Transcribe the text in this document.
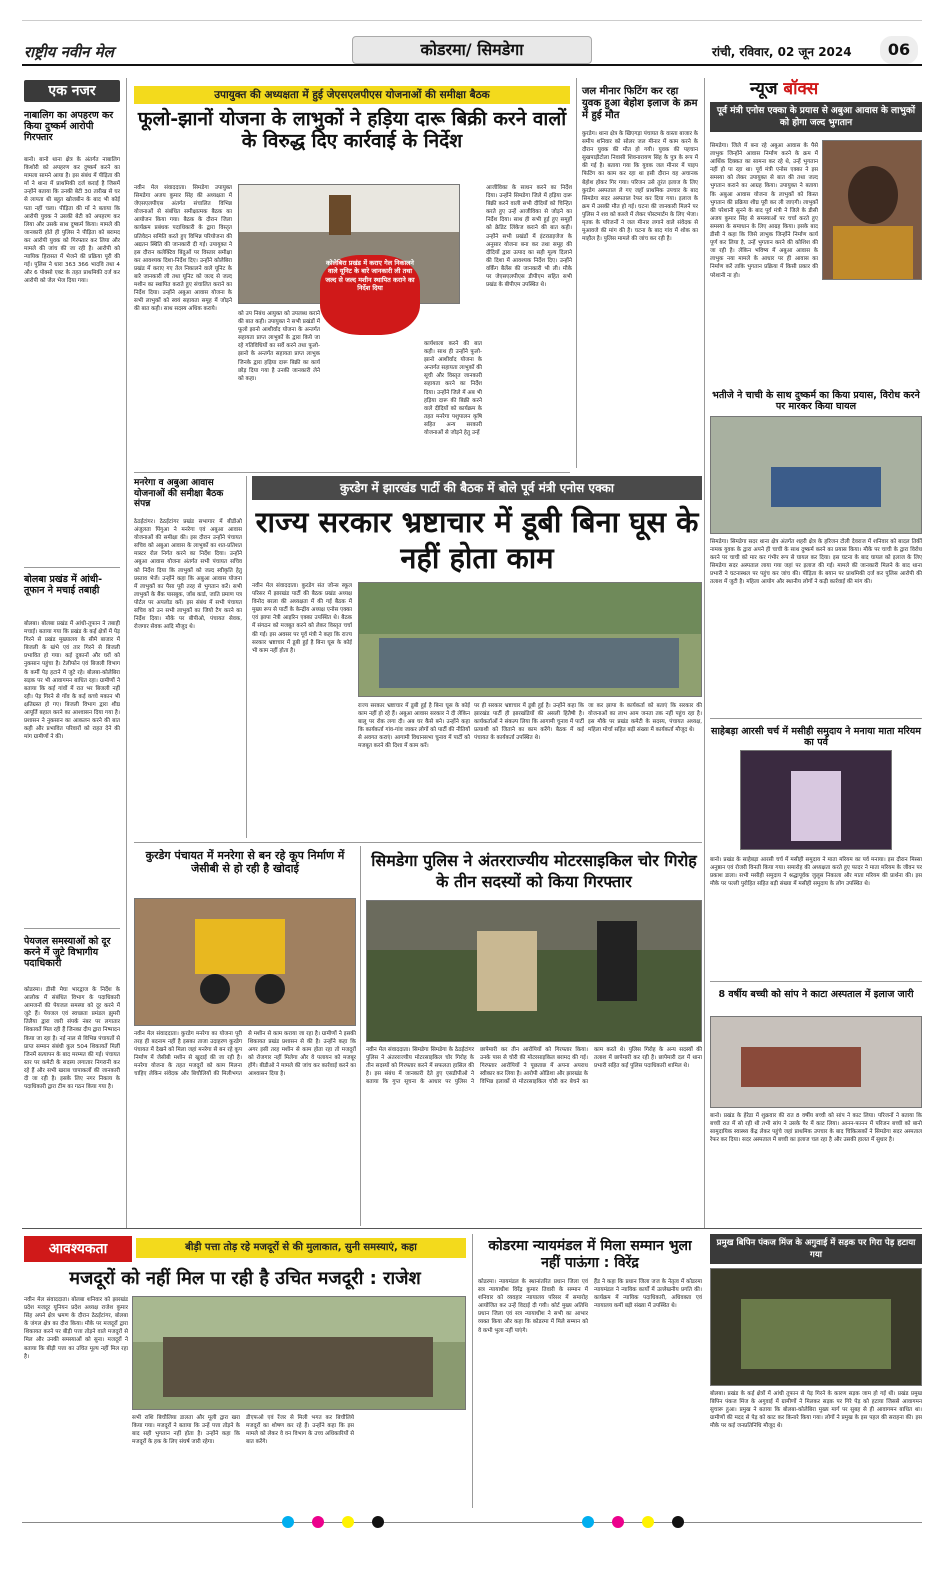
राष्ट्रीय नवीन मेल	कोडरमा/ सिमडेगा	रांची, रविवार, 02 जून 2024	06
एक नजर
नाबालिग का अपहरण कर किया दुष्कर्म आरोपी गिरफ्तार
बानो। बानो थाना क्षेत्र के अंतर्गत नाबालिग किशोरी को अपहरण कर दुष्कर्म करने का मामला सामने आया है। इस संबंध में पीड़िता की माँ ने थाना में प्राथमिकी दर्ज कराई है जिसमें उन्होंने बताया कि उनकी बेटी 30 तारीख से घर से लापता थी बहुत खोजबीन के बाद भी कोई पता नहीं चला। पीड़िता की माँ ने बताया कि आरोपी युवक ने उसकी बेटी को अपहरण कर लिया और उसके साथ दुष्कर्म किया। मामले की जानकारी होते ही पुलिस ने पीड़िता को बरामद कर आरोपी युवक को गिरफ्तार कर लिया और मामले की जांच की जा रही है। आरोपी को न्यायिक हिरासत में भेजने की प्रक्रिया पूरी की गई। पुलिस ने धारा 363 366 भादवि तथा 4 और 6 पोक्सो एक्ट के तहत प्राथमिकी दर्ज कर आरोपी को जेल भेज दिया गया।
बोलबा प्रखंड में आंधी-तूफान ने मचाई तबाही
बोलबा। बोलबा प्रखंड में आंधी-तूफान ने तबाही मचाई। बताया गया कि प्रखंड के कई क्षेत्रों में पेड़ गिरने से प्रखंड मुख्यालय के सीमे बाजार में बिजली के खंभे एवं तार गिरने से बिजली प्रभावित हो गया। कई दुकानों और घरों को नुकसान पहुंचा है। टेलीफोन एवं बिजली विभाग के कर्मी पेड़ हटाने में जुटे रहे। बोलबा-कोलेबिरा सड़क पर भी आवागमन बाधित रहा। ग्रामीणों ने बताया कि कई गांवों में रात भर बिजली नहीं रही। पेड़ गिरने से गाँव के कई कच्चे मकान भी क्षतिग्रस्त हो गए। बिजली विभाग द्वारा शीघ्र आपूर्ति बहाल करने का आश्वासन दिया गया है। प्रशासन ने नुकसान का आकलन करने की बात कही और प्रभावित परिवारों को राहत देने की मांग ग्रामीणों ने की।
पेयजल समस्याओं को दूर करने में जुटे विभागीय पदाधिकारी
कोडरमा। डीसी मेघा भारद्वाज के निर्देश के आलोक में संबंधित विभाग के पदाधिकारी आमजनों की पेयजल समस्या को दूर करने में जुटे हैं। पेयजल एवं स्वच्छता प्रमंडल झुमरी तिलैया द्वारा जारी संपर्क नंबर पर लगातार शिकायतें मिल रही हैं जिनका दीप द्वारा निष्पादन किया जा रहा है। नई नाल से विभिन्न पंचायतों से प्राप्त सम्मान संबंधी कुल 504 शिकायतें मिलीं जिनमें सत्यापन के बाद मरम्मत की गई। पंचायत स्तर पर कमेटी के सदस्य लगातार निगरानी कर रहे हैं और सभी खराब चापाकलों की जानकारी दी जा रही है। इसके लिए नगर निकाय के पदाधिकारी द्वारा टीम का गठन किया गया है।
उपायुक्त की अध्यक्षता में हुई जेएसएलपीएस योजनाओं की समीक्षा बैठक
फूलो-झानों योजना के लाभुकों ने हड़िया दारू बिक्री करने वालों के विरुद्ध दिए कार्रवाई के निर्देश
नवीन मेल संवाददाता। सिमडेगा उपायुक्त सिमडेगा अजय कुमार सिंह की अध्यक्षता में जेएसएलपीएस अंतर्गत संचालित विभिन्न योजनाओं से संबंधित समीक्षात्मक बैठक का आयोजन किया गया। बैठक के दौरान जिला कार्यक्रम प्रबंधक पदाधिकारी के द्वारा विस्तृत प्रतिवेदन समिति करते हुए विभिन्न परियोजना की अद्यतन स्थिति की जानकारी दी गई। उपायुक्त ने इस दौरान कलेक्टिव बिंदुओं पर विस्तार समीक्षा कर आवश्यक दिशा-निर्देश दिए। उन्होंने कोलेबिरा प्रखंड में कराए गए तेल निकालने वाले यूनिट के बारे जानकारी ली तथा यूनिट को जल्द से जल्द मशीन का स्थापित कराते हुए संचालित कराने का निर्देश दिया। उन्होंने अबुआ आवास योजना के सभी लाभुकों को स्वयं सहायता समूह में जोड़ने की बात कही। साथ सदस्य अधिक कराये।
कोलेबिरा प्रखंड में कराए गेल निकालने वाले यूनिट के बारे जानकारी ली तथा जल्द से जल्द मशीन स्थापित कराने का निर्देश दिया
को उप निबंध आयुक्त को उपलब्ध कराने की बात कही। उपायुक्त ने सभी प्रखंडों में फूलो झानो आशीर्वाद योजना के अन्तर्गत सहायता प्राप्त लाभुकों के द्वारा किये जा रहे गतिविधियों का सर्वे करने तथा फूलो-झानो के अन्तर्गत सहायता प्राप्त लाभुक जिनके द्वारा हड़िया दारू बिक्री का कार्य छोड़ दिया गया है उनकी जानकारी लेने को कहा।
कार्यशाला करने की बात कही। साथ ही उन्होंने फूलो-झानो आशीर्वाद योजना के अन्तर्गत सहायता लाभुकों की सूची और विस्तृत जानकारी सहायता करने का निर्देश दिया। उन्होंने जिले में अब भी हड़िया दारू की बिक्री करने वाले दीदियों को कार्यक्रम के तहत मनरेगा पशुपालन कृषि सहित अन्य सरकारी योजनाओं से जोड़ने हेतु उन्हें
आजीविका के साधन करने का निर्देश दिया। उन्होंने सिमडेगा जिले में हड़िया दारू बिक्री करने वाली सभी दीदियों को चिन्हित करते हुए उन्हें आजीविका से जोड़ने का निर्देश दिया। साथ ही सभी हुई हुए समूहों को क्रेडिट लिंकेज कराने की बात कही। उन्होंने सभी प्रखंडों में इंटरप्राइजेज के अनुसार योजना बना कर तथा समूह की दीदियों द्वारा उत्पाद का सही मूल्य दिलाने की दिशा में आवश्यक निर्देश दिए। उन्होंने वर्किंग बैलेंस की जानकारी भी ली। मौके पर जेएसएलपीएस डीपीएम सहित सभी प्रखंड के बीपीएम उपस्थित थे।
जल मीनार फिटिंग कर रहा युवक हुआ बेहोश इलाज के क्रम में हुई मौत
कुरडेग। थाना क्षेत्र के खिएगड़ा पंचायत के वास्ता बाजार के समीप शनिवार को सोलर जल मीनार में काम करने के दौरान युवक की मौत हो गयी। युवक की पहचान सुखपाड़ीटोला निवासी शिवनारायण सिंह के पुत्र के रूप में की गई है। बताया गया कि युवक जल मीनार में पाइप फिटिंग का काम कर रहा था इसी दौरान वह अचानक बेहोश होकर गिर गया। परिजन उसे तुरंत इलाज के लिए कुरडेग अस्पताल ले गए जहाँ प्राथमिक उपचार के बाद सिमडेगा सदर अस्पताल रेफर कर दिया गया। इलाज के क्रम में उसकी मौत हो गई। घटना की जानकारी मिलने पर पुलिस ने शव को कब्जे में लेकर पोस्टमार्टम के लिए भेजा। मृतक के परिजनों ने जल मीनार लगाने वाले संवेदक से मुआवजे की मांग की है। घटना के बाद गांव में शोक का माहौल है। पुलिस मामले की जांच कर रही है।
न्यूज बॉक्स
पूर्व मंत्री एनोस एक्का के प्रयास से अबुआ आवास के लाभुकों को होगा जल्द भुगतान
सिमडेगा। जिले में बना रहे अबुआ आवास के पैसे लाभुक जिन्होंने आवास निर्माण करने के क्रम में आर्थिक दिक्कत का सामना कर रहे थे, उन्हें भुगतान नहीं हो पा रहा था। पूर्व मंत्री एनोस एक्का ने इस समस्या को लेकर उपायुक्त से बात की तथा जल्द भुगतान कराने का आग्रह किया। उपायुक्त ने बताया कि अबुआ आवास योजना के लाभुकों को किस्त भुगतान की प्रक्रिया शीघ्र पूरी कर ली जाएगी। लाभुकों की परेशानी सुनने के बाद पूर्व मंत्री ने जिले के डीसी अजय कुमार सिंह से समस्याओं पर चर्चा करते हुए समस्या के समाधान के लिए आग्रह किया। इसके बाद डीसी ने कहा कि जिसे लाभुक जिन्होंने निर्माण कार्य पूर्ण कर लिया है, उन्हें भुगतान करने की कोशिश की जा रही है। लेकिन भविष्य में अबुआ आवास के लाभुक नया मामले के आधार पर ही आवास का निर्माण करें ताकि भुगतान प्रक्रिया में किसी प्रकार की परेशानी ना हो।
भतीजे ने चाची के साथ दुष्कर्म का किया प्रयास, विरोध करने पर मारकर किया घायल
सिमडेगा। सिमडेगा सदर थाना क्षेत्र अंतर्गत शहरी क्षेत्र के हरिजन टोली देवराज में शनिवार को बादल तिर्की नामक युवक के द्वारा अपने ही चाची के साथ दुष्कर्म करने का प्रयास किया। मौके पर चाची के द्वारा विरोध करने पर चाची को मार कर गंभीर रूप से घायल कर दिया। इस घटना के बाद घायल को इलाज के लिए सिमडेगा सदर अस्पताल लाया गया जहां पर इलाज की गई। मामले की जानकारी मिलने के बाद थाना प्रभारी ने घटनास्थल पर पहुंच कर जांच की। पीड़िता के बयान पर प्राथमिकी दर्ज कर पुलिस आरोपी की तलाश में जुटी है। महिला आयोग और स्थानीय लोगों ने कड़ी कार्रवाई की मांग की।
साहेबड़ा आरसी चर्च में मसीही समुदाय ने मनाया माता मरियम का पर्व
बानो। प्रखंड के साहेबड़ा आरसी चर्च में मसीही समुदाय ने माता मरियम का पर्व मनाया। इस दौरान मिस्सा अनुष्ठान एवं रोजरी विनती किया गया। समारोह की अध्यक्षता करते हुए फादर ने माता मरियम के जीवन पर प्रकाश डाला। सभी मसीही समुदाय ने श्रद्धापूर्वक जुलूस निकाला और माता मरियम की प्रार्थना की। इस मौके पर पल्ली पुरोहित सहित बड़ी संख्या में मसीही समुदाय के लोग उपस्थित थे।
8 वर्षीय बच्ची को सांप ने काटा अस्पताल में इलाज जारी
बानो। प्रखंड के हेरेडा में शुक्रवार की रात 8 वर्षीय बच्ची को सांप ने काट लिया। परिजनों ने बताया कि बच्ची रात में सो रही थी तभी सांप ने उसके पैर में काट लिया। आनन-फानन में परिजन बच्ची को बानो सामुदायिक स्वास्थ्य केंद्र लेकर पहुंचे जहां प्राथमिक उपचार के बाद चिकित्सकों ने सिमडेगा सदर अस्पताल रेफर कर दिया। सदर अस्पताल में बच्ची का इलाज चल रहा है और उसकी हालत में सुधार है।
मनरेगा व अबुआ आवास योजनाओं की समीक्षा बैठक संपन्न
ठेठईटांगर। ठेठईटांगर प्रखंड सभागार में बीडीओ अंजुलता पिंगुआ ने मनरेगा एवं अबुआ आवास योजनाओं की समीक्षा की। इस दौरान उन्होंने पंचायत सचिव को अबुआ आवास के लाभुकों का शत-प्रतिशत मास्टर रोल निर्गत करने का निर्देश दिया। उन्होंने अबुआ आवास योजना अंतर्गत सभी पंचायत सचिव को निर्देश दिया कि लाभुकों को जल्द स्वीकृति हेतु प्रस्ताव भेजें। उन्होंने कहा कि अबुआ आवास योजना में लाभुकों का पैसा पूरी तरह से भुगतान करें। सभी लाभुकों के बैंक पासबुक, जॉब कार्ड, जाति प्रमाण पत्र पोर्टल पर अपलोड करें। इस संबंध में सभी पंचायत सचिव को उन सभी लाभुकों का जियो टैग करने का निर्देश दिया। मौके पर बीपीओ, पंचायत सेवक, रोजगार सेवक आदि मौजूद थे।
कुरडेग में झारखंड पार्टी की बैठक में बोले पूर्व मंत्री एनोस एक्का
राज्य सरकार भ्रष्टाचार में डूबी बिना घूस के नहीं होता काम
नवीन मेल संवाददाता। कुरडेग संत जोन्स स्कूल परिसर में झारखंड पार्टी की बैठक प्रखंड अध्यक्ष विनोद बरला की अध्यक्षता में की गई बैठक में मुख्य रूप से पार्टी के केन्द्रीय अध्यक्ष एनोस एक्का एवं झापा नेत्री आइरिन एक्का उपस्थित थे। बैठक में संगठन को मजबूत करने को लेकर विस्तृत चर्चा की गई। इस अवसर पर पूर्व मंत्री ने कहा कि राज्य सरकार भ्रष्टाचार में डूबी हुई है बिना घूस के कोई भी काम नहीं होता है।
राज्य सरकार भ्रष्टाचार में डूबी हुई है बिना घूस के कोई काम नहीं हो रहे हैं। अबुआ आवास सरकार ने दी लेकिन बालू पर रोक लगा दी। अब घर कैसे बने। उन्होंने कहा कि कार्यकर्ता गांव-गांव जाकर लोगों को पार्टी की नीतियों से अवगत कराएं। आगामी विधानसभा चुनाव में पार्टी को मजबूत करने की दिशा में काम करें।
पर ही सरकार भ्रष्टाचार में डूबी हुई है। उन्होंने कहा कि झारखंड पार्टी ही झारखंडियों की असली हितैषी है। कार्यकर्ताओं ने संकल्प लिया कि आगामी चुनाव में पार्टी प्रत्याशी को जिताने का काम करेंगे। बैठक में कई पंचायत के कार्यकर्ता उपस्थित थे।
जा कर झापा के कार्यकर्ता को बताएं कि सरकार की योजनाओं का लाभ आम जनता तक नहीं पहुंच रहा है। इस मौके पर प्रखंड कमेटी के सदस्य, पंचायत अध्यक्ष, महिला मोर्चा सहित बड़ी संख्या में कार्यकर्ता मौजूद थे।
कुरडेग पंचायत में मनरेगा से बन रहे कूप निर्माण में जेसीबी से हो रही है खोदाई
नवीन मेल संवाददाता। कुरडेग मनरेगा का योजना पूरी तरह ही बदनाम नहीं है इसका ताजा उदाहरण कुरडेग पंचायत में देखने को मिला जहां मनरेगा से बन रहे कूप निर्माण में जेसीबी मशीन से खुदाई की जा रही है। मनरेगा योजना के तहत मजदूरों को काम मिलना चाहिए लेकिन संवेदक और बिचौलियों की मिलीभगत से मशीन से काम कराया जा रहा है। ग्रामीणों ने इसकी शिकायत प्रखंड प्रशासन से की है। उन्होंने कहा कि अगर इसी तरह मशीन से काम होता रहा तो मजदूरों को रोजगार नहीं मिलेगा और वे पलायन को मजबूर होंगे। बीडीओ ने मामले की जांच कर कार्रवाई करने का आश्वासन दिया है।
सिमडेगा पुलिस ने अंतरराज्यीय मोटरसाइकिल चोर गिरोह के तीन सदस्यों को किया गिरफ्तार
नवीन मेल संवाददाता। सिमडेगा सिमडेगा के ठेठईटांगर पुलिस ने अंतरराज्यीय मोटरसाइकिल चोर गिरोह के तीन सदस्यों को गिरफ्तार करने में सफलता हासिल की है। इस संबंध में जानकारी देते हुए एसडीपीओ ने बताया कि गुप्त सूचना के आधार पर पुलिस ने छापेमारी कर तीन आरोपियों को गिरफ्तार किया। उनके पास से चोरी की मोटरसाइकिल बरामद की गई। गिरफ्तार आरोपियों ने पूछताछ में अपना अपराध स्वीकार कर लिया है। आरोपी ओडिशा और झारखंड के विभिन्न इलाकों से मोटरसाइकिल चोरी कर बेचने का काम करते थे। पुलिस गिरोह के अन्य सदस्यों की तलाश में छापेमारी कर रही है। छापेमारी दल में थाना प्रभारी सहित कई पुलिस पदाधिकारी शामिल थे।
आवश्यकता	बीड़ी पत्ता तोड़ रहे मजदूरों से की मुलाकात, सुनी समस्याएं, कहा
मजदूरों को नहीं मिल पा रही है उचित मजदूरी : राजेश
नवीन मेल संवाददाता। बोलबा शनिवार को झारखंड प्रदेश मजदूर यूनियन प्रदेश अध्यक्ष राजेश कुमार सिंह अपने क्षेत्र भ्रमण के दौरान ठेठईटांगर, बोलबा के जंगल क्षेत्र का दौरा किया। मौके पर मजदूरों द्वारा शिकायत करने पर बीड़ी पत्ता तोड़ने वाले मजदूरों से मिल और उनकी समस्याओं को सुना। मजदूरों ने बताया कि बीड़ी पत्ता का उचित मूल्य नहीं मिल रहा है।
सभी राशि बिचौलिया डालता और मूली द्वारा खरा किया गया। मजदूरों ने बताया कि उन्हें पत्ता तोड़ने के बाद सही भुगतान नहीं होता है। उन्होंने कहा कि मजदूरों के हक के लिए संघर्ष जारी रहेगा।
डीएफओ एवं रेंजर से मिली भगत कर बिचौलिये मजदूरों का शोषण कर रहे हैं। उन्होंने कहा कि इस मामले को लेकर वे वन विभाग के उच्च अधिकारियों से बात करेंगे।
कोडरमा न्यायमंडल में मिला सम्मान भुला नहीं पाऊंगा : विरेंद्र
कोडरमा। न्यायमंडल के स्थानांतरित प्रधान जिला एवं सत्र न्यायाधीश विरेंद्र कुमार तिवारी के सम्मान में शनिवार को व्यवहार न्यायालय परिसर में समारोह आयोजित कर उन्हें विदाई दी गयी। कोर्ट मुख्य अतिथि प्रधान जिला एवं सत्र न्यायाधीश ने सभी का आभार व्यक्त किया और कहा कि कोडरमा में मिले सम्मान को वे कभी भुला नहीं पाएंगे।
हैंड ने कहा कि प्रधान जिला जज के नेतृत्व में कोडरमा न्यायमंडल ने न्यायिक कार्यों में उल्लेखनीय प्रगति की। कार्यक्रम में न्यायिक पदाधिकारी, अधिवक्ता एवं न्यायालय कर्मी बड़ी संख्या में उपस्थित थे।
प्रमुख बिपिन पंकज मिंज के अगुवाई में सड़क पर गिरा पेड़ हटाया गया
बोलबा। प्रखंड के कई क्षेत्रों में आंधी तूफान से पेड़ गिरने के कारण सड़क जाम हो गई थी। प्रखंड प्रमुख बिपिन पंकज मिंज के अगुवाई में ग्रामीणों ने मिलकर सड़क पर गिरे पेड़ को हटाया जिससे आवागमन सुचारू हुआ। प्रमुख ने बताया कि बोलबा-कोलेबिरा मुख्य मार्ग पर सुबह से ही आवागमन बाधित था। ग्रामीणों की मदद से पेड़ को काट कर किनारे किया गया। लोगों ने प्रमुख के इस पहल की सराहना की। इस मौके पर कई जनप्रतिनिधि मौजूद थे।
